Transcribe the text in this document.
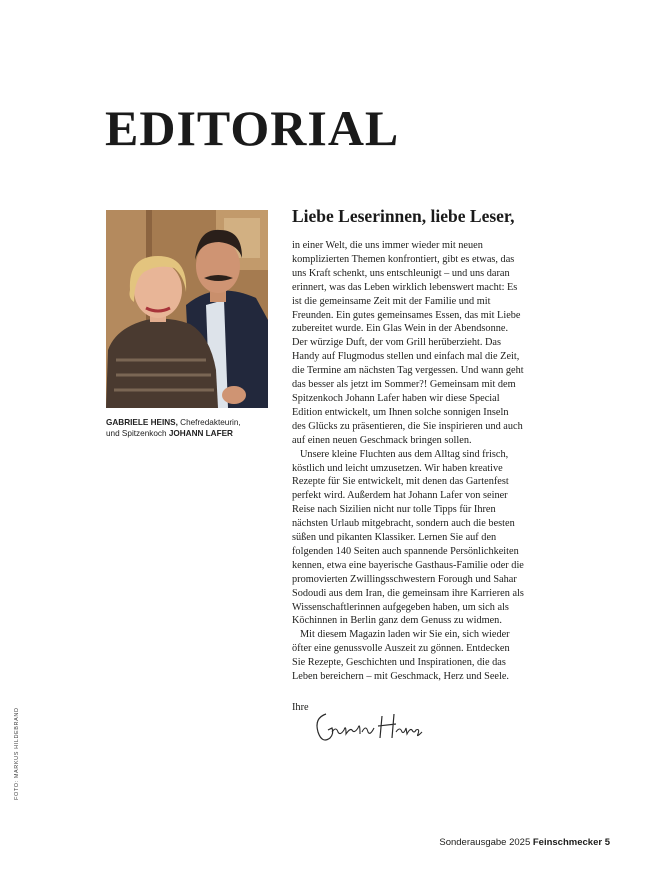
EDITORIAL
GABRIELE HEINS, Chefredakteurin,
und Spitzenkoch JOHANN LAFER
Liebe Leserinnen, liebe Leser,

in einer Welt, die uns immer wieder mit neuen komplizierten Themen konfrontiert, gibt es etwas, das uns Kraft schenkt, uns entschleunigt – und uns daran erinnert, was das Leben wirklich lebenswert macht: Es ist die gemeinsame Zeit mit der Familie und mit Freunden. Ein gutes gemeinsames Essen, das mit Liebe zubereitet wurde. Ein Glas Wein in der Abendsonne. Der würzige Duft, der vom Grill herüberzieht. Das Handy auf Flugmodus stellen und einfach mal die Zeit, die Termine am nächsten Tag vergessen. Und wann geht das besser als jetzt im Sommer?! Gemeinsam mit dem Spitzenkoch Johann Lafer haben wir diese Special Edition entwickelt, um Ihnen solche sonnigen Inseln des Glücks zu präsentieren, die Sie inspirieren und auch auf einen neuen Geschmack bringen sollen.

Unsere kleine Fluchten aus dem Alltag sind frisch, köstlich und leicht umzusetzen. Wir haben kreative Rezepte für Sie entwickelt, mit denen das Gartenfest perfekt wird. Außerdem hat Johann Lafer von seiner Reise nach Sizilien nicht nur tolle Tipps für Ihren nächsten Urlaub mitgebracht, sondern auch die besten süßen und pikanten Klassiker. Lernen Sie auf den folgenden 140 Seiten auch spannende Persönlichkeiten kennen, etwa eine bayerische Gasthaus-Familie oder die promovierten Zwillingsschwestern Forough und Sahar Sodoudi aus dem Iran, die gemeinsam ihre Karrieren als Wissenschaftlerinnen aufgegeben haben, um sich als Köchinnen in Berlin ganz dem Genuss zu widmen.

Mit diesem Magazin laden wir Sie ein, sich wieder öfter eine genussvolle Auszeit zu gönnen. Entdecken Sie Rezepte, Geschichten und Inspirationen, die das Leben bereichern – mit Geschmack, Herz und Seele.

Ihre
FOTO: MARKUS HILDEBRAND
Sonderausgabe 2025 Feinschmecker 5
